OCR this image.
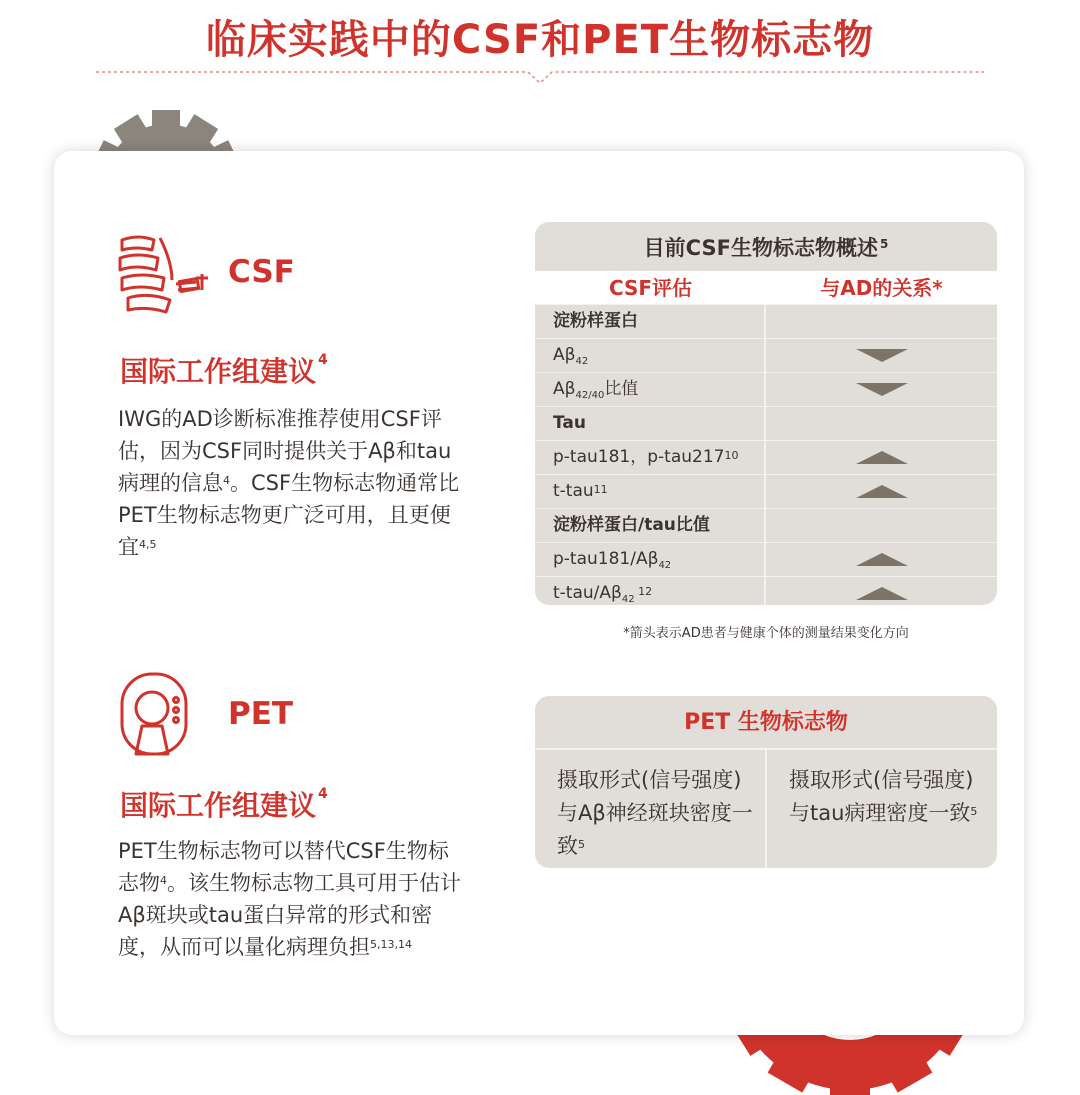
临床实践中的CSF和PET生物标志物
CSF
国际工作组建议 $^4$
IWG的AD诊断标准推荐使用CSF评估，因为CSF同时提供关于Aβ和tau病理的信息$^4$。CSF生物标志物通常比PET生物标志物更广泛可用，且更便宜$^{4,5}$
目前CSF生物标志物概述 $^5$
CSF评估	与AD的关系*
淀粉样蛋白
$A\beta_{42}$
$A\beta_{42/40}$比值
Tau
p-tau181，$p-tau217^{10}$
t-tau$^{11}$
淀粉样蛋白/tau比值
$p-tau181/A\beta_{42}$
$t-tau/A\beta_{42}$ $^{12}$
*箭头表示AD患者与健康个体的测量结果变化方向
PET
国际工作组建议 $^4$
PET生物标志物可以替代CSF生物标志物$^4$。该生物标志物工具可用于估计Aβ斑块或tau蛋白异常的形式和密度，从而可以量化病理负担$^{5,13,14}$
PET 生物标志物
摄取形式(信号强度)与Aβ神经斑块密度一致$^5$
摄取形式(信号强度)与tau病理密度一致$^5$
